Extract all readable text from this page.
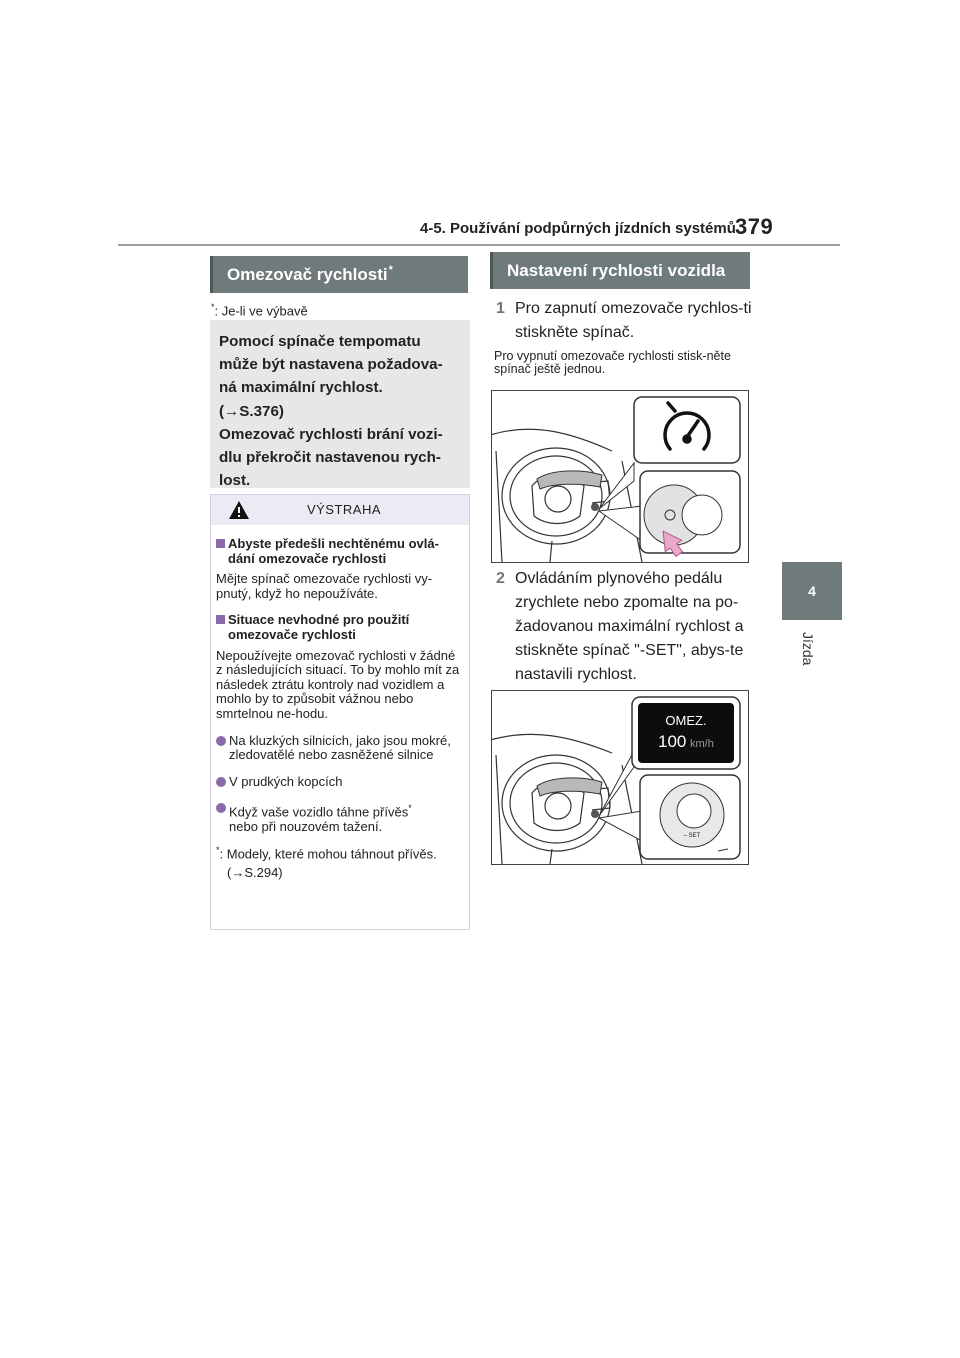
4-5. Používání podpůrných jízdních systémů 379
4
Jízda
Omezovač rychlosti*
*: Je-li ve výbavě

Pomocí spínače tempomatu

může být nastavena požadova-

ná maximální rychlost.

(→S.376)

Omezovač rychlosti brání vozi-

dlu překročit nastavenou rych-

lost.

VÝSTRAHA
Abyste předešli nechtěnému ovlá-dání omezovače rychlosti
Mějte spínač omezovače rychlosti vy-pnutý, když ho nepoužíváte.
Situace nevhodné pro použití omezovače rychlosti
Nepoužívejte omezovač rychlosti v žádné z následujících situací. To by mohlo mít za následek ztrátu kontroly nad vozidlem a mohlo by to způsobit vážnou nebo smrtelnou ne-hodu.
Na kluzkých silnicích, jako jsou mokré, zledovatělé nebo zasněžené silnice
V prudkých kopcích
Když vaše vozidlo táhne přívěs*
nebo při nouzovém tažení.
*: Modely, které mohou táhnout přívěs.
(→S.294)
Nastavení rychlosti vozidla
1 Pro zapnutí omezovače rychlos-ti stiskněte spínač.
Pro vypnutí omezovače rychlosti stisk-něte spínač ještě jednou.
2 Ovládáním plynového pedálu zrychlete nebo zpomalte na po-žadovanou maximální rychlost a stiskněte spínač "-SET", abys-te nastavili rychlost.
OMEZ.
100 km/h
– SET
